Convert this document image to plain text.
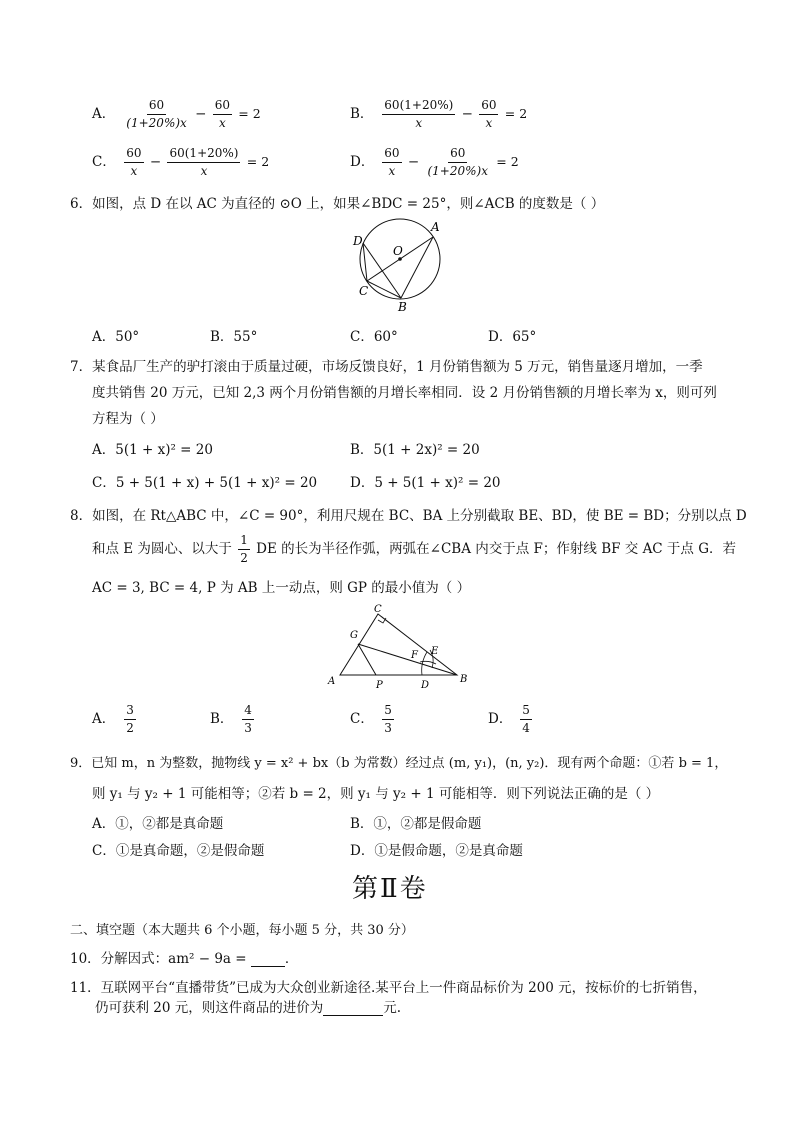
A． $\frac{60}{(1+20\%)x} - \frac{60}{x} = 2$	B． $\frac{60(1+20\%)}{x} - \frac{60}{x} = 2$
C． $\frac{60}{x} - \frac{60(1+20\%)}{x} = 2$	D． $\frac{60}{x} - \frac{60}{(1+20\%)x} = 2$
6．如图，点 D 在以 AC 为直径的 ⊙O 上，如果∠BDC = 25°，则∠ACB 的度数是（ ）
D
O
A
C
B
A．50°	B．55°	C．60°	D．65°
7．某食品厂生产的驴打滚由于质量过硬，市场反馈良好，1 月份销售额为 5 万元，销售量逐月增加，一季
度共销售 20 万元，已知 2,3 两个月份销售额的月增长率相同．设 2 月份销售额的月增长率为 x，则可列
方程为（ ）
A．5(1 + x)² = 20	B．5(1 + 2x)² = 20
C．5 + 5(1 + x) + 5(1 + x)² = 20 D．5 + 5(1 + x)² = 20
8．如图，在 Rt△ABC 中，∠C = 90°，利用尺规在 BC、BA 上分别截取 BE、BD，使 BE = BD；分别以点 D
和点 E 为圆心、以大于 $\frac{1}{2}$ DE 的长为半径作弧，两弧在∠CBA 内交于点 F；作射线 BF 交 AC 于点 G．若
AC = 3, BC = 4, P 为 AB 上一动点，则 GP 的最小值为（ ）
C
G
F E
A	P	D
B
A． $\frac{3}{2}$	B． $\frac{4}{3}$	C． $\frac{5}{3}$	D． $\frac{5}{4}$
9．已知 m，n 为整数，抛物线 y = x² + bx（b 为常数）经过点 (m, y₁)，(n, y₂)．现有两个命题：①若 b = 1，
则 y₁ 与 y₂ + 1 可能相等；②若 b = 2，则 y₁ 与 y₂ + 1 可能相等．则下列说法正确的是（ ）
A．①，②都是真命题	B．①，②都是假命题
C．①是真命题，②是假命题	D．①是假命题，②是真命题
第Ⅱ卷
二、填空题（本大题共 6 个小题，每小题 5 分，共 30 分）
10．分解因式：am² − 9a =	．
11．互联网平台“直播带货”已成为大众创业新途径.某平台上一件商品标价为 200 元，按标价的七折销售，
仍可获利 20 元，则这件商品的进价为	元.
